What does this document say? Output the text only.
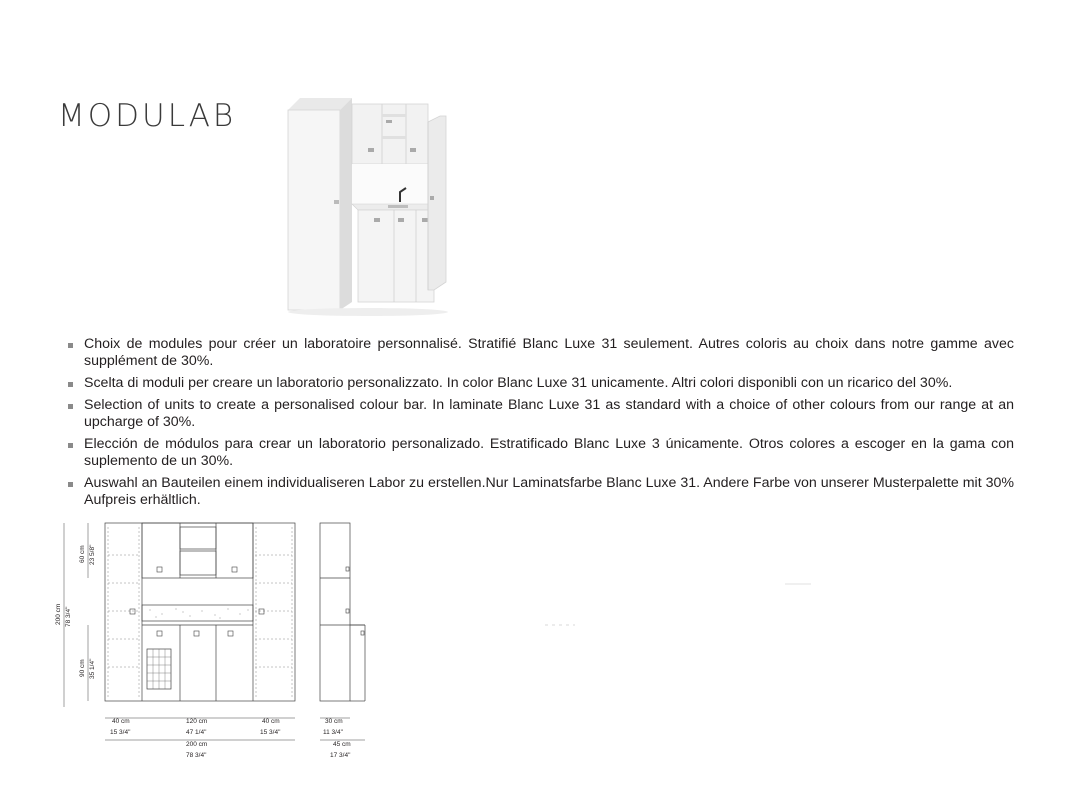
MODULAB
Choix de modules pour créer un laboratoire personnalisé. Stratifié Blanc Luxe 31 seulement. Autres coloris au choix dans notre gamme avec supplément de 30%.
Scelta di moduli per creare un laboratorio personalizzato. In color Blanc Luxe 31 unicamente. Altri colori disponibli con un ricarico del 30%.
Selection of units to create a personalised colour bar. In laminate Blanc Luxe 31 as standard with a choice of other colours from our range at an upcharge of 30%.
Elección de módulos para crear un laboratorio personalizado. Estratificado Blanc Luxe 3 únicamente. Otros colores a escoger en la gama con suplemento de un 30%.
Auswahl an Bauteilen einem individualiseren Labor zu erstellen.Nur Laminatsfarbe Blanc Luxe 31. Andere Farbe von unserer Musterpalette mit 30% Aufpreis erhältlich.
200 cm 78 3/4"
60 cm 23 5/8"
90 cm 35 1/4"
40 cm
15 3/4"
120 cm
47 1/4"
40 cm
15 3/4"
200 cm
78 3/4"
30 cm
11 3/4"
45 cm
17 3/4"
